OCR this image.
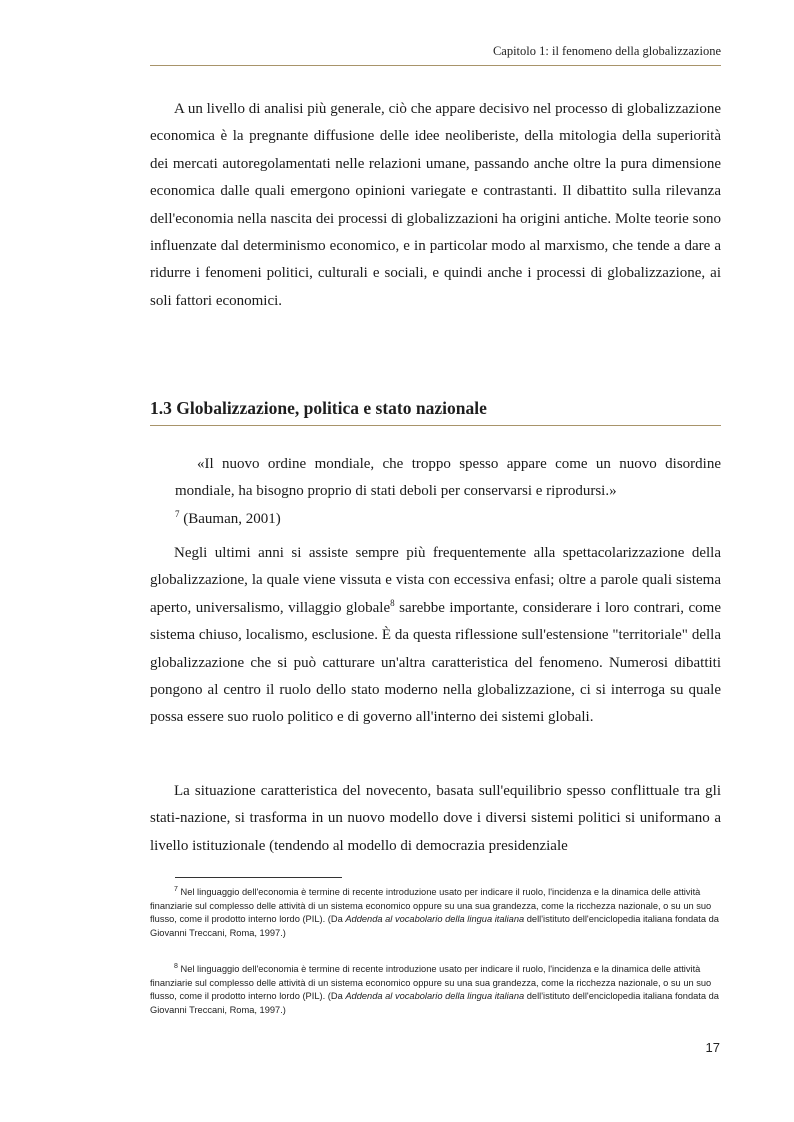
Capitolo 1: il fenomeno della globalizzazione

A un livello di analisi più generale, ciò che appare decisivo nel processo di globalizzazione economica è la pregnante diffusione delle idee neoliberiste, della mitologia della superiorità dei mercati autoregolamentati nelle relazioni umane, passando anche oltre la pura dimensione economica dalle quali emergono opinioni variegate e contrastanti. Il dibattito sulla rilevanza dell'economia nella nascita dei processi di globalizzazioni ha origini antiche. Molte teorie sono influenzate dal determinismo economico, e in particolar modo al marxismo, che tende a dare a ridurre i fenomeni politici, culturali e sociali, e quindi anche i processi di globalizzazione, ai soli fattori economici.

1.3 Globalizzazione, politica e stato nazionale

«Il nuovo ordine mondiale, che troppo spesso appare come un nuovo disordine mondiale, ha bisogno proprio di stati deboli per conservarsi e riprodursi.»
$^7$ (Bauman, 2001)

Negli ultimi anni si assiste sempre più frequentemente alla spettacolarizzazione della globalizzazione, la quale viene vissuta e vista con eccessiva enfasi; oltre a parole quali sistema aperto, universalismo, villaggio globale$^8$ sarebbe importante, considerare i loro contrari, come sistema chiuso, localismo, esclusione. È da questa riflessione sull'estensione "territoriale" della globalizzazione che si può catturare un'altra caratteristica del fenomeno. Numerosi dibattiti pongono al centro il ruolo dello stato moderno nella globalizzazione, ci si interroga su quale possa essere suo ruolo politico e di governo all'interno dei sistemi globali.

La situazione caratteristica del novecento, basata sull'equilibrio spesso conflittuale tra gli stati-nazione, si trasforma in un nuovo modello dove i diversi sistemi politici si uniformano a livello istituzionale (tendendo al modello di democrazia presidenziale

$^7$ Nel linguaggio dell'economia è termine di recente introduzione usato per indicare il ruolo, l'incidenza e la dinamica delle attività finanziarie sul complesso delle attività di un sistema economico oppure su una sua grandezza, come la ricchezza nazionale, o su un suo flusso, come il prodotto interno lordo (PIL). (Da Addenda al vocabolario della lingua italiana dell'istituto dell'enciclopedia italiana fondata da Giovanni Treccani, Roma, 1997.)

$^8$ Nel linguaggio dell'economia è termine di recente introduzione usato per indicare il ruolo, l'incidenza e la dinamica delle attività finanziarie sul complesso delle attività di un sistema economico oppure su una sua grandezza, come la ricchezza nazionale, o su un suo flusso, come il prodotto interno lordo (PIL). (Da Addenda al vocabolario della lingua italiana dell'istituto dell'enciclopedia italiana fondata da Giovanni Treccani, Roma, 1997.)

17
